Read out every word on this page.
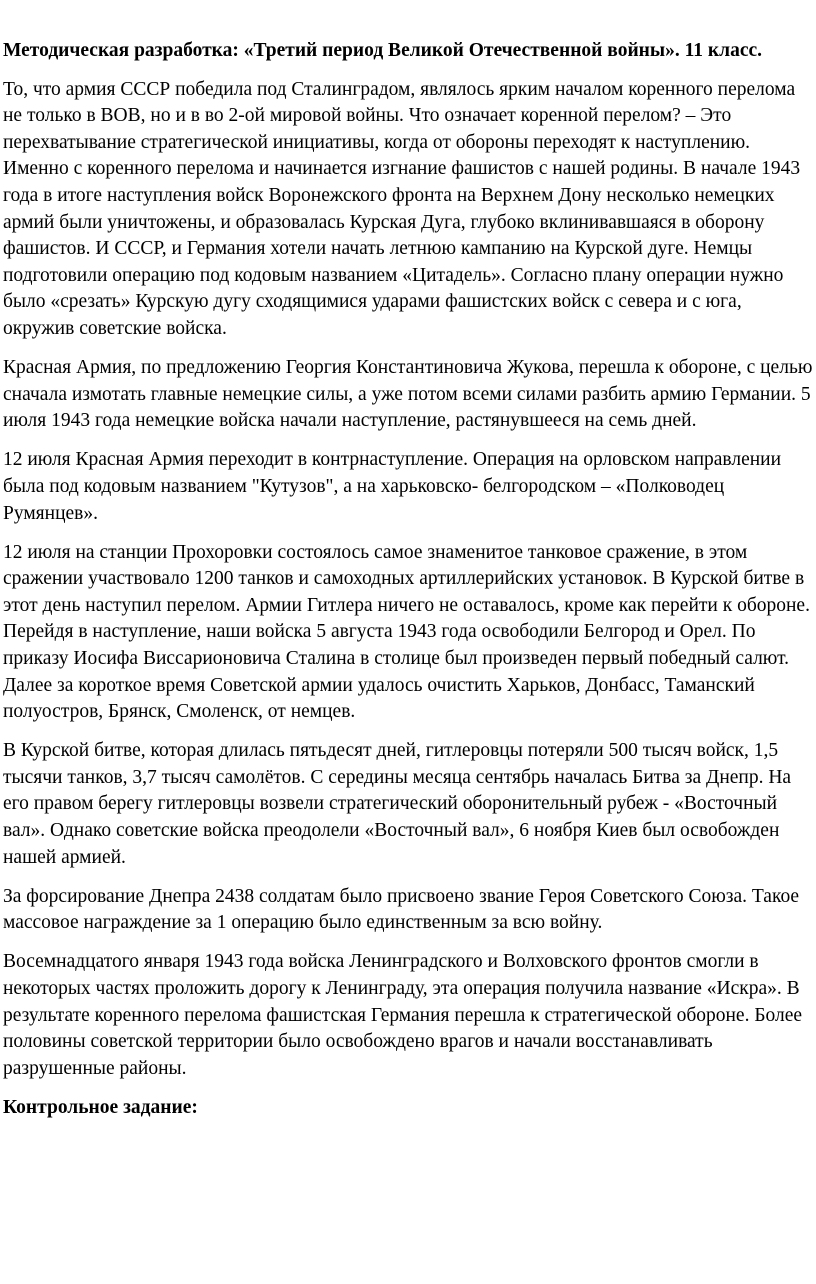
Методическая разработка: «Третий период Великой Отечественной войны». 11 класс.

То, что армия СССР победила под Сталинградом, являлось ярким началом коренного перелома не только в ВОВ, но и в во 2-ой мировой войны. Что означает коренной перелом? – Это перехватывание стратегической инициативы, когда от обороны переходят к наступлению. Именно с коренного перелома и начинается изгнание фашистов с нашей родины. В начале 1943 года в итоге наступления войск Воронежского фронта на Верхнем Дону несколько немецких армий были уничтожены, и образовалась Курская Дуга, глубоко вклинивавшаяся в оборону фашистов. И СССР, и Германия хотели начать летнюю кампанию на Курской дуге. Немцы подготовили операцию под кодовым названием «Цитадель». Согласно плану операции нужно было «срезать» Курскую дугу сходящимися ударами фашистских войск с севера и с юга, окружив советские войска.

Красная Армия, по предложению Георгия Константиновича Жукова, перешла к обороне, с целью сначала измотать главные немецкие силы, а уже потом всеми силами разбить армию Германии. 5 июля 1943 года немецкие войска начали наступление, растянувшееся на семь дней.

12 июля Красная Армия переходит в контрнаступление. Операция на орловском направлении была под кодовым названием "Кутузов", а на харьковско- белгородском – «Полководец Румянцев».

12 июля на станции Прохоровки состоялось самое знаменитое танковое сражение, в этом сражении участвовало 1200 танков и самоходных артиллерийских установок. В Курской битве в этот день наступил перелом. Армии Гитлера ничего не оставалось, кроме как перейти к обороне. Перейдя в наступление, наши войска 5 августа 1943 года освободили Белгород и Орел. По приказу Иосифа Виссарионовича Сталина в столице был произведен первый победный салют. Далее за короткое время Советской армии удалось очистить Харьков, Донбасс, Таманский полуостров, Брянск, Смоленск, от немцев.

В Курской битве, которая длилась пятьдесят дней, гитлеровцы потеряли 500 тысяч войск, 1,5 тысячи танков, 3,7 тысяч самолётов. С середины месяца сентябрь началась Битва за Днепр. На его правом берегу гитлеровцы возвели стратегический оборонительный рубеж - «Восточный вал». Однако советские войска преодолели «Восточный вал», 6 ноября Киев был освобожден нашей армией.

За форсирование Днепра 2438 солдатам было присвоено звание Героя Советского Союза. Такое массовое награждение за 1 операцию было единственным за всю войну.

Восемнадцатого января 1943 года войска Ленинградского и Волховского фронтов смогли в некоторых частях проложить дорогу к Ленинграду, эта операция получила название «Искра». В результате коренного перелома фашистская Германия перешла к стратегической обороне. Более половины советской территории было освобождено врагов и начали восстанавливать разрушенные районы.

Контрольное задание:
